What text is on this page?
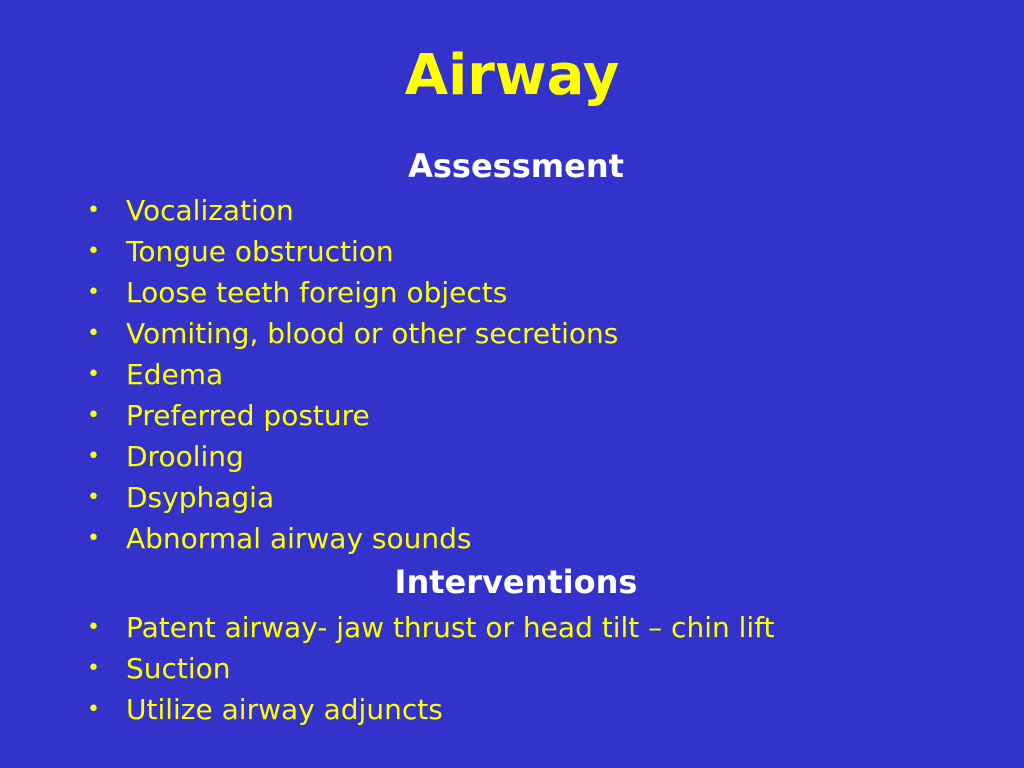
Airway
Assessment
• Vocalization
• Tongue obstruction
• Loose teeth foreign objects
• Vomiting, blood or other secretions
• Edema
• Preferred posture
• Drooling
• Dsyphagia
• Abnormal airway sounds
Interventions
• Patent airway- jaw thrust or head tilt – chin lift
• Suction
• Utilize airway adjuncts
